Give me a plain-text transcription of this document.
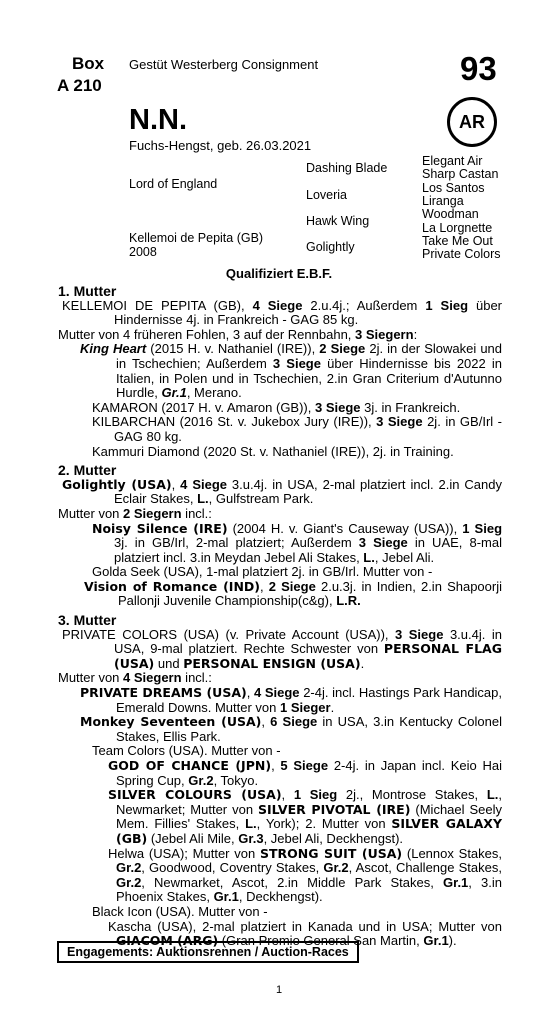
Box
A 210
Gestüt Westerberg Consignment	93
N.N.
Fuchs-Hengst, geb. 26.03.2021
AR
Lord of England
Kellemoi de Pepita (GB)
2008
Dashing Blade
Loveria
Hawk Wing
Golightly
Elegant Air
Sharp Castan
Los Santos
Liranga
Woodman
La Lorgnette
Take Me Out
Private Colors
Qualifiziert E.B.F.
1. Mutter

KELLEMOI DE PEPITA (GB), 4 Siege 2.u.4j.; Außerdem 1 Sieg über Hindernisse 4j. in Frankreich - GAG 85 kg.

Mutter von 4 früheren Fohlen, 3 auf der Rennbahn, 3 Siegern:

King Heart (2015 H. v. Nathaniel (IRE)), 2 Siege 2j. in der Slowakei und in Tschechien; Außerdem 3 Siege über Hindernisse bis 2022 in Italien, in Polen und in Tschechien, 2.in Gran Criterium d'Autunno Hurdle, Gr.1, Merano.

KAMARON (2017 H. v. Amaron (GB)), 3 Siege 3j. in Frankreich.

KILBARCHAN (2016 St. v. Jukebox Jury (IRE)), 3 Siege 2j. in GB/Irl - GAG 80 kg.

Kammuri Diamond (2020 St. v. Nathaniel (IRE)), 2j. in Training.

2. Mutter

Golightly (USA), 4 Siege 3.u.4j. in USA, 2-mal platziert incl. 2.in Candy Eclair Stakes, L., Gulfstream Park.

Mutter von 2 Siegern incl.:

Noisy Silence (IRE) (2004 H. v. Giant's Causeway (USA)), 1 Sieg 3j. in GB/Irl, 2-mal platziert; Außerdem 3 Siege in UAE, 8-mal platziert incl. 3.in Meydan Jebel Ali Stakes, L., Jebel Ali.

Golda Seek (USA), 1-mal platziert 2j. in GB/Irl. Mutter von -

Vision of Romance (IND), 2 Siege 2.u.3j. in Indien, 2.in Shapoorji Pallonji Juvenile Championship(c&g), L.R.

3. Mutter

PRIVATE COLORS (USA) (v. Private Account (USA)), 3 Siege 3.u.4j. in USA, 9-mal platziert. Rechte Schwester von PERSONAL FLAG (USA) und PERSONAL ENSIGN (USA).

Mutter von 4 Siegern incl.:

PRIVATE DREAMS (USA), 4 Siege 2-4j. incl. Hastings Park Handicap, Emerald Downs. Mutter von 1 Sieger.

Monkey Seventeen (USA), 6 Siege in USA, 3.in Kentucky Colonel Stakes, Ellis Park.

Team Colors (USA). Mutter von -

GOD OF CHANCE (JPN), 5 Siege 2-4j. in Japan incl. Keio Hai Spring Cup, Gr.2, Tokyo.

SILVER COLOURS (USA), 1 Sieg 2j., Montrose Stakes, L., Newmarket; Mutter von SILVER PIVOTAL (IRE) (Michael Seely Mem. Fillies' Stakes, L., York); 2. Mutter von SILVER GALAXY (GB) (Jebel Ali Mile, Gr.3, Jebel Ali, Deckhengst).

Helwa (USA); Mutter von STRONG SUIT (USA) (Lennox Stakes, Gr.2, Goodwood, Coventry Stakes, Gr.2, Ascot, Challenge Stakes, Gr.2, Newmarket, Ascot, 2.in Middle Park Stakes, Gr.1, 3.in Phoenix Stakes, Gr.1, Deckhengst).

Black Icon (USA). Mutter von -

Kascha (USA), 2-mal platziert in Kanada und in USA; Mutter von GIACOM (ARG) (Gran Premio General San Martin, Gr.1).

Engagements: Auktionsrennen / Auction-Races
1
